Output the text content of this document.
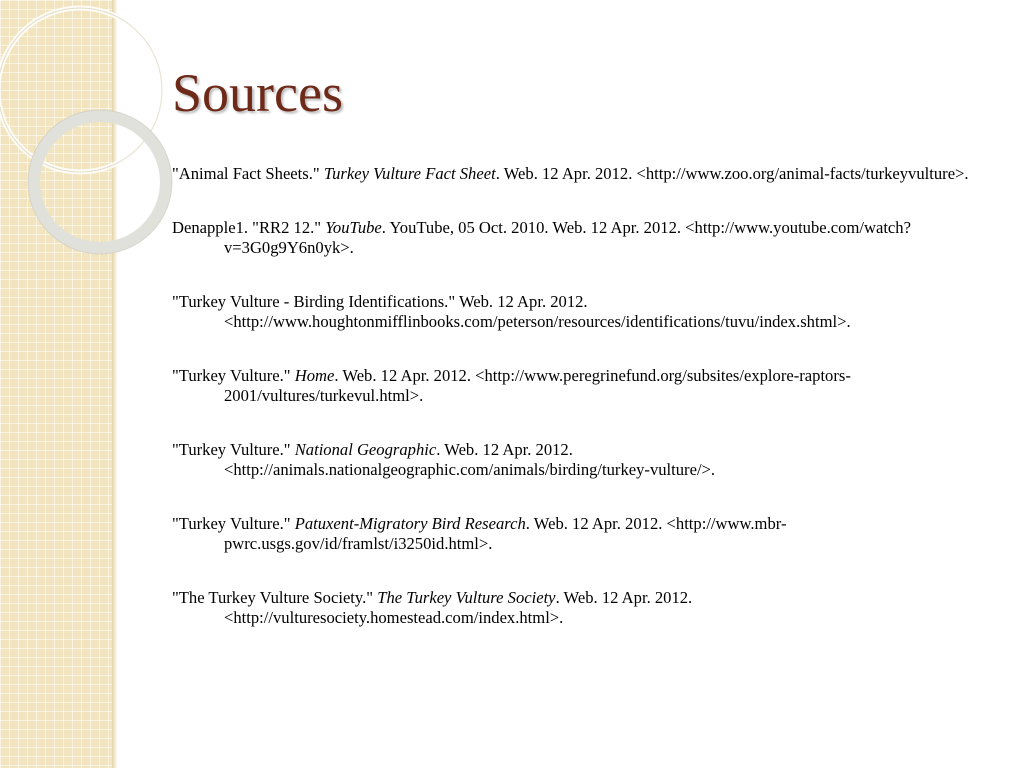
Sources
"Animal Fact Sheets." Turkey Vulture Fact Sheet. Web. 12 Apr. 2012. <http://www.zoo.org/animal-facts/turkeyvulture>.
Denapple1. "RR2 12." YouTube. YouTube, 05 Oct. 2010. Web. 12 Apr. 2012. <http://www.youtube.com/watch?v=3G0g9Y6n0yk>.
"Turkey Vulture - Birding Identifications." Web. 12 Apr. 2012. <http://www.houghtonmifflinbooks.com/peterson/resources/identifications/tuvu/index.shtml>.
"Turkey Vulture." Home. Web. 12 Apr. 2012. <http://www.peregrinefund.org/subsites/explore-raptors-2001/vultures/turkevul.html>.
"Turkey Vulture." National Geographic. Web. 12 Apr. 2012. <http://animals.nationalgeographic.com/animals/birding/turkey-vulture/>.
"Turkey Vulture." Patuxent-Migratory Bird Research. Web. 12 Apr. 2012. <http://www.mbr-pwrc.usgs.gov/id/framlst/i3250id.html>.
"The Turkey Vulture Society." The Turkey Vulture Society. Web. 12 Apr. 2012. <http://vulturesociety.homestead.com/index.html>.
